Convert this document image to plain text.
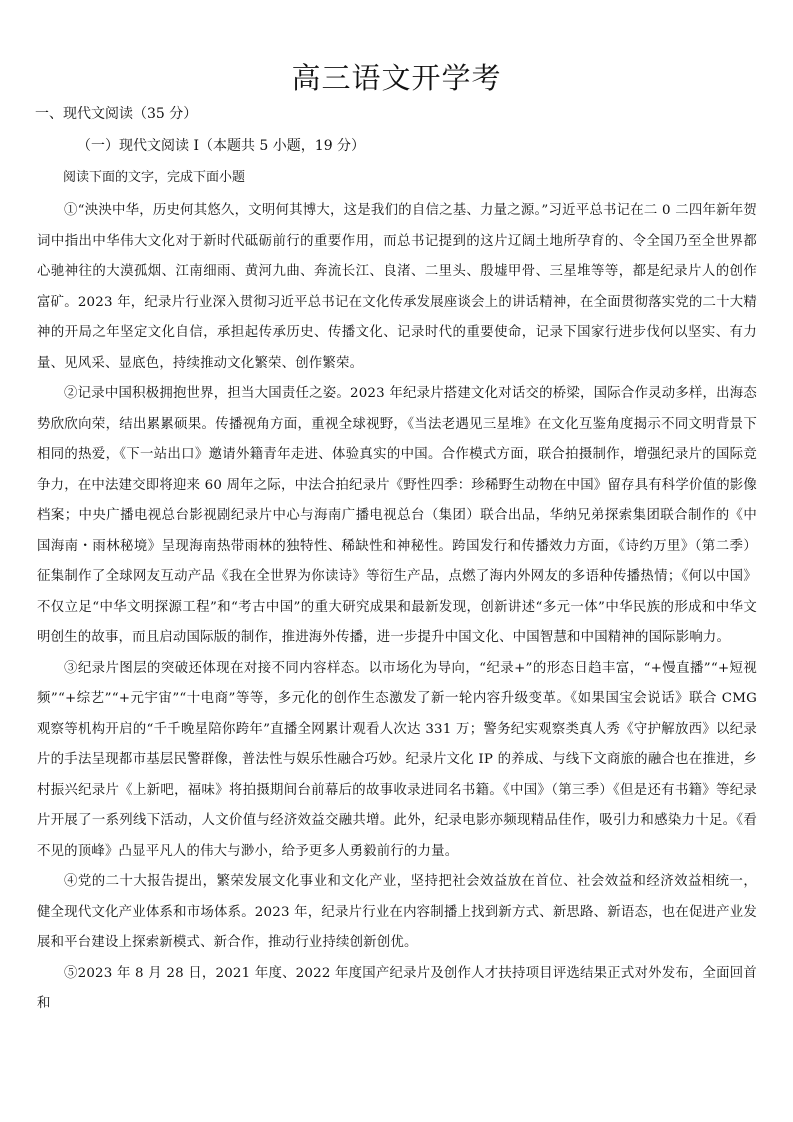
高三语文开学考

一、现代文阅读（35 分）

（一）现代文阅读 I（本题共 5 小题，19 分）

阅读下面的文字，完成下面小题

①“泱泱中华，历史何其悠久，文明何其博大，这是我们的自信之基、力量之源。”习近平总书记在二 0 二四年新年贺词中指出中华伟大文化对于新时代砥砺前行的重要作用，而总书记提到的这片辽阔土地所孕育的、令全国乃至全世界都心驰神往的大漠孤烟、江南细雨、黄河九曲、奔流长江、良渚、二里头、殷墟甲骨、三星堆等等，都是纪录片人的创作富矿。2023 年，纪录片行业深入贯彻习近平总书记在文化传承发展座谈会上的讲话精神，在全面贯彻落实党的二十大精神的开局之年坚定文化自信，承担起传承历史、传播文化、记录时代的重要使命，记录下国家行进步伐何以坚实、有力量、见风采、显底色，持续推动文化繁荣、创作繁荣。

②记录中国积极拥抱世界，担当大国责任之姿。2023 年纪录片搭建文化对话交的桥梁，国际合作灵动多样，出海态势欣欣向荣，结出累累硕果。传播视角方面，重视全球视野，《当法老遇见三星堆》在文化互鉴角度揭示不同文明背景下相同的热爱，《下一站出口》邀请外籍青年走进、体验真实的中国。合作模式方面，联合拍摄制作，增强纪录片的国际竞争力，在中法建交即将迎来 60 周年之际，中法合拍纪录片《野性四季：珍稀野生动物在中国》留存具有科学价值的影像档案；中央广播电视总台影视剧纪录片中心与海南广播电视总台（集团）联合出品，华纳兄弟探索集团联合制作的《中国海南・雨林秘境》呈现海南热带雨林的独特性、稀缺性和神秘性。跨国发行和传播效力方面，《诗约万里》（第二季）征集制作了全球网友互动产品《我在全世界为你读诗》等衍生产品，点燃了海内外网友的多语种传播热情；《何以中国》不仅立足“中华文明探源工程”和“考古中国”的重大研究成果和最新发现，创新讲述“多元一体”中华民族的形成和中华文明创生的故事，而且启动国际版的制作，推进海外传播，进一步提升中国文化、中国智慧和中国精神的国际影响力。

③纪录片图层的突破还体现在对接不同内容样态。以市场化为导向，“纪录+”的形态日趋丰富，“+慢直播”“+短视频”“+综艺”“+元宇宙”“十电商”等等，多元化的创作生态激发了新一轮内容升级变革。《如果国宝会说话》联合 CMG 观察等机构开启的“千千晚星陪你跨年”直播全网累计观看人次达 331 万；警务纪实观察类真人秀《守护解放西》以纪录片的手法呈现都市基层民警群像，普法性与娱乐性融合巧妙。纪录片文化 IP 的养成、与线下文商旅的融合也在推进，乡村振兴纪录片《上新吧，福味》将拍摄期间台前幕后的故事收录进同名书籍。《中国》（第三季）《但是还有书籍》等纪录片开展了一系列线下活动，人文价值与经济效益交融共增。此外，纪录电影亦频现精品佳作，吸引力和感染力十足。《看不见的顶峰》凸显平凡人的伟大与渺小，给予更多人勇毅前行的力量。

④党的二十大报告提出，繁荣发展文化事业和文化产业，坚持把社会效益放在首位、社会效益和经济效益相统一，健全现代文化产业体系和市场体系。2023 年，纪录片行业在内容制播上找到新方式、新思路、新语态，也在促进产业发展和平台建设上探索新模式、新合作，推动行业持续创新创优。

⑤2023 年 8 月 28 日，2021 年度、2022 年度国产纪录片及创作人才扶持项目评选结果正式对外发布，全面回首和
